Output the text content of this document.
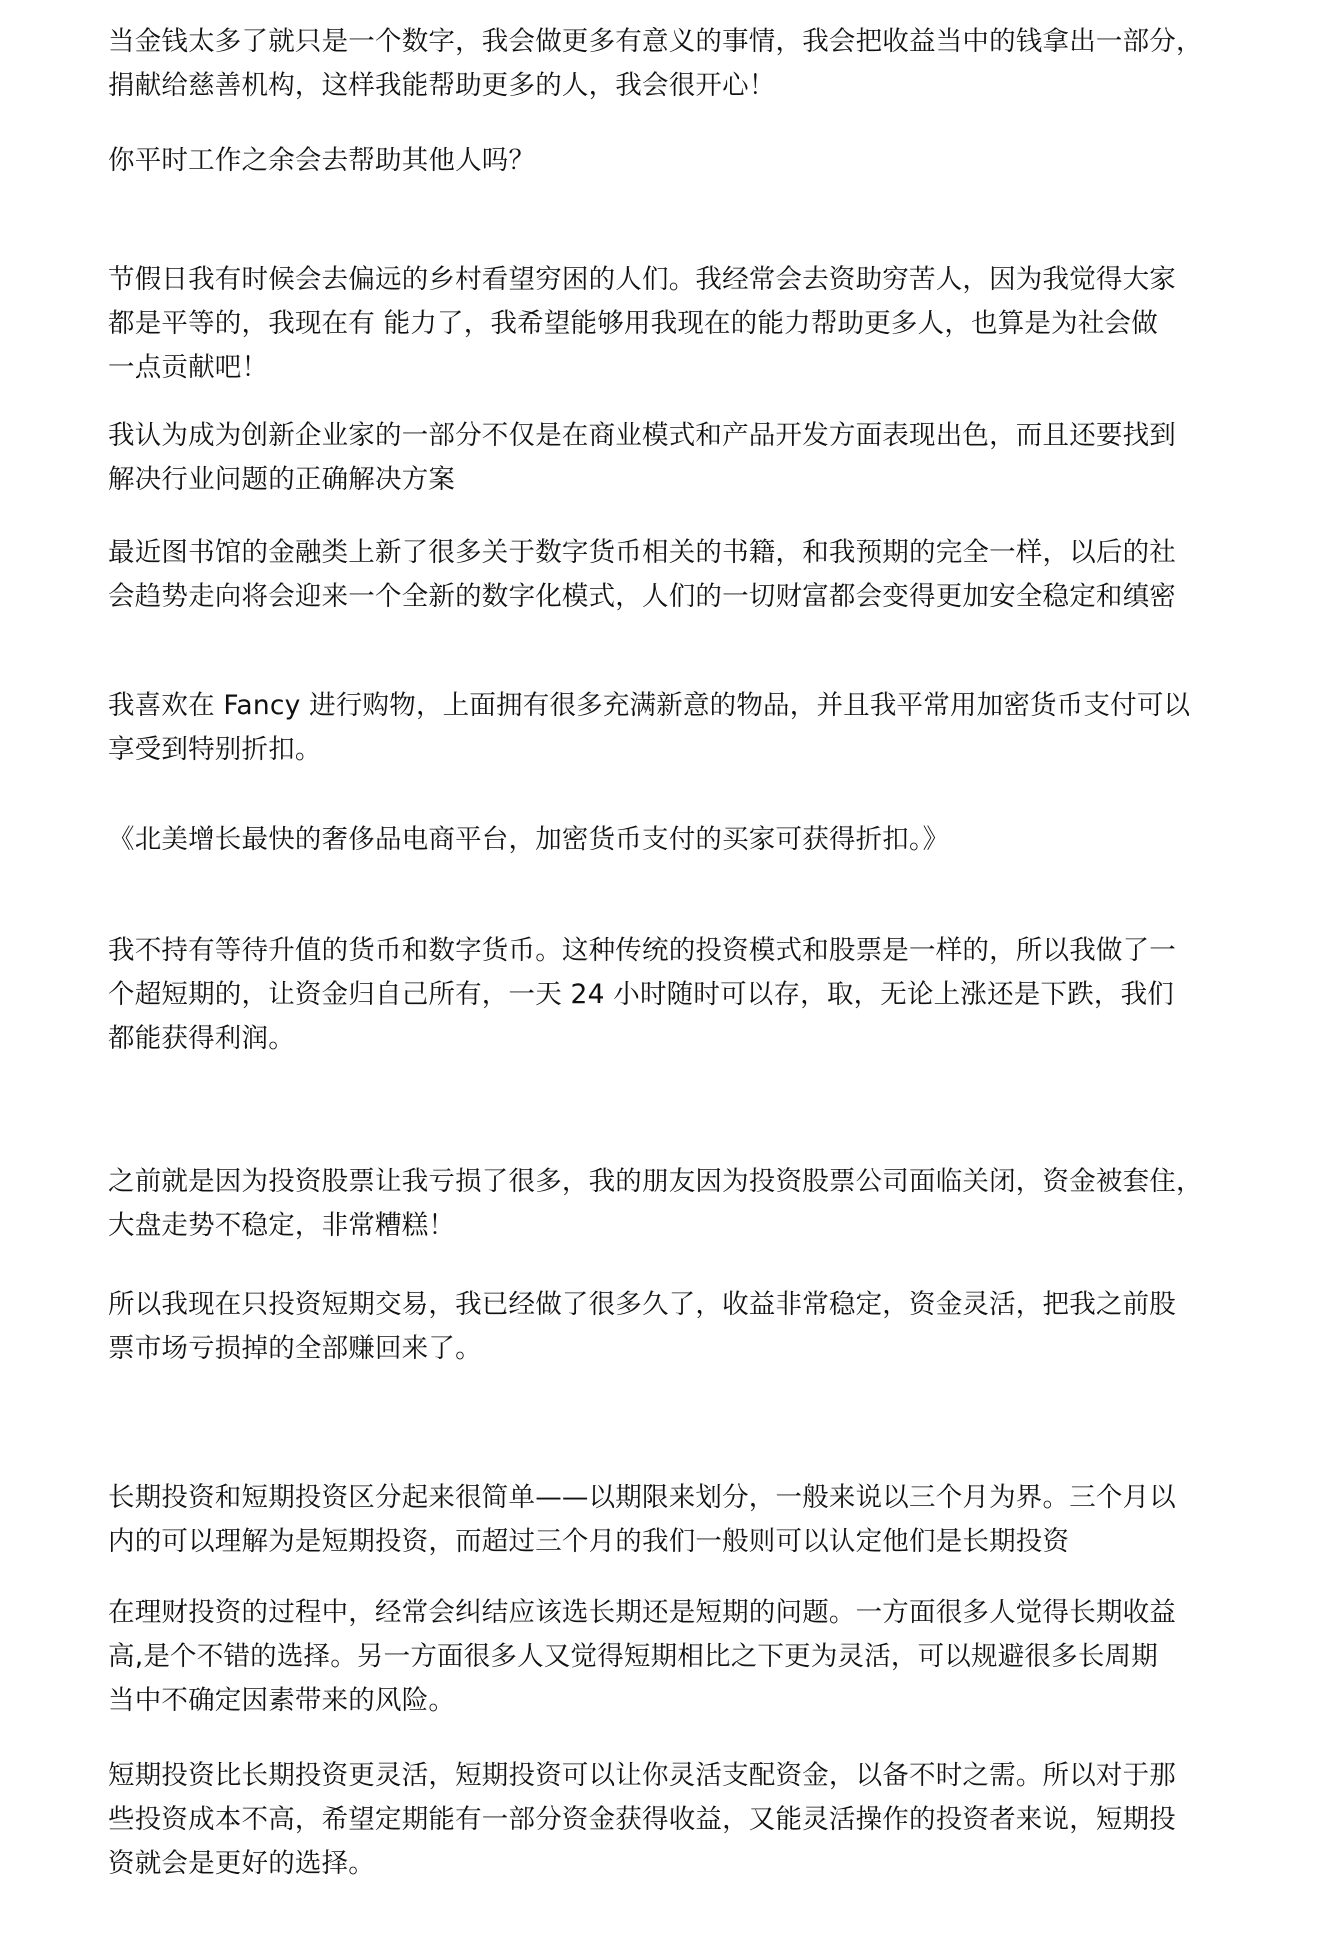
当金钱太多了就只是一个数字，我会做更多有意义的事情，我会把收益当中的钱拿出一部分，
捐献给慈善机构，这样我能帮助更多的人，我会很开心！
你平时工作之余会去帮助其他人吗？
节假日我有时候会去偏远的乡村看望穷困的人们。我经常会去资助穷苦人，因为我觉得大家
都是平等的，我现在有 能力了，我希望能够用我现在的能力帮助更多人，也算是为社会做
一点贡献吧！
我认为成为创新企业家的一部分不仅是在商业模式和产品开发方面表现出色，而且还要找到
解决行业问题的正确解决方案
最近图书馆的金融类上新了很多关于数字货币相关的书籍，和我预期的完全一样，以后的社
会趋势走向将会迎来一个全新的数字化模式，人们的一切财富都会变得更加安全稳定和缜密
我喜欢在 Fancy 进行购物，上面拥有很多充满新意的物品，并且我平常用加密货币支付可以
享受到特别折扣。
《北美增长最快的奢侈品电商平台，加密货币支付的买家可获得折扣。》
我不持有等待升值的货币和数字货币。这种传统的投资模式和股票是一样的，所以我做了一
个超短期的，让资金归自己所有，一天 24 小时随时可以存，取，无论上涨还是下跌，我们
都能获得利润。
之前就是因为投资股票让我亏损了很多，我的朋友因为投资股票公司面临关闭，资金被套住，
大盘走势不稳定，非常糟糕！
所以我现在只投资短期交易，我已经做了很多久了，收益非常稳定，资金灵活，把我之前股
票市场亏损掉的全部赚回来了。
长期投资和短期投资区分起来很简单——以期限来划分，一般来说以三个月为界。三个月以
内的可以理解为是短期投资，而超过三个月的我们一般则可以认定他们是长期投资
在理财投资的过程中，经常会纠结应该选长期还是短期的问题。一方面很多人觉得长期收益
高,是个不错的选择。另一方面很多人又觉得短期相比之下更为灵活，可以规避很多长周期
当中不确定因素带来的风险。
短期投资比长期投资更灵活，短期投资可以让你灵活支配资金，以备不时之需。所以对于那
些投资成本不高，希望定期能有一部分资金获得收益，又能灵活操作的投资者来说，短期投
资就会是更好的选择。
